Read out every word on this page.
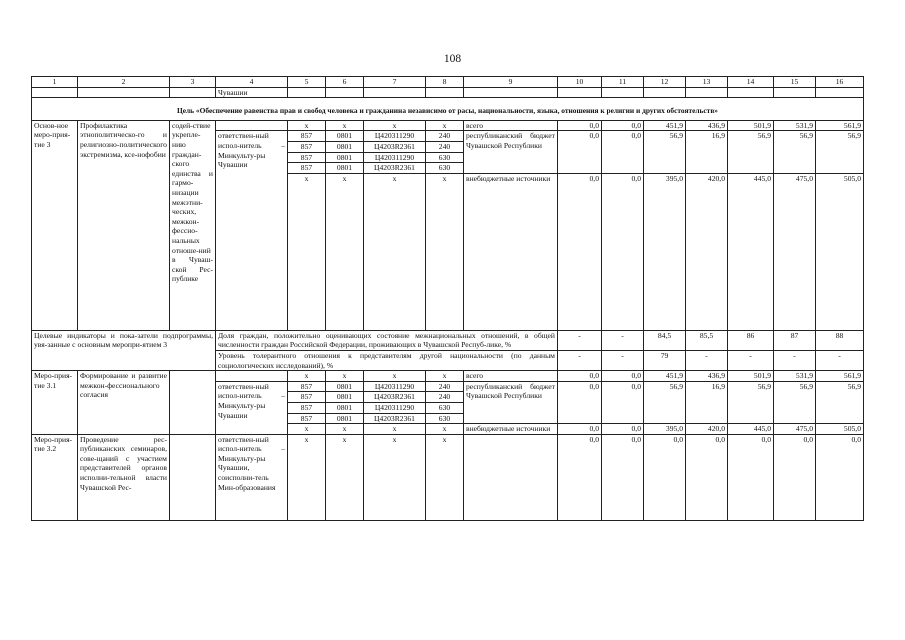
108
1	2	3	4	5	6	7	8	9	10	11	12	13	14	15	16
			Чувашии												
Цель «Обеспечение равенства прав и свобод человека и гражданина независимо от расы, национальности, языка, отношения к религии и других обстоятельств»															
Основ-ное меро-прия-тие 3	Профилактика этнополитическо-го и религиозно-политического экстремизма, ксе-нофобии	содей-ствие укрепле-нию граждан-ского единства и гармо-низации межэтни-ческих, межкон-фессио-нальных отноше-ний в Чуваш-ской Рес-публике		х	х	х	х	всего	0,0	0,0	451,9	436,9	501,9	531,9	561,9
			ответствен-ный испол-нитель – Минкульту-ры Чувашии	857	0801	Ц420311290	240	республиканский бюджет Чувашской Республики	0,0	0,0	56,9	16,9	56,9	56,9	56,9
				857	0801	Ц4203R2361	240								
				857	0801	Ц420311290	630								
				857	0801	Ц4203R2361	630								
				х	х	х	х	внебюджетные источники	0,0	0,0	395,0	420,0	445,0	475,0	505,0
Целевые индикаторы и пока-затели подпрограммы, увя-занные с основным меропри-ятием 3			Доля граждан, положительно оценивающих состояние межнациональных отношений, в общей численности граждан Российской Федерации, проживающих в Чувашской Респуб-лике, %						-	-	84,5	85,5	86	87	88
			Уровень толерантного отношения к представителям другой национальности (по данным социологических исследований), %						-	-	79	-	-	-	-
Меро-прия-тие 3.1	Формирование и развитие межкон-фессионального согласия			х	х	х	х	всего	0,0	0,0	451,9	436,9	501,9	531,9	561,9
			ответствен-ный испол-нитель – Минкульту-ры Чувашии	857	0801	Ц420311290	240	республиканский бюджет Чувашской Республики	0,0	0,0	56,9	16,9	56,9	56,9	56,9
				857	0801	Ц4203R2361	240								
				857	0801	Ц420311290	630								
				857	0801	Ц4203R2361	630								
				х	х	х	х	внебюджетные источники	0,0	0,0	395,0	420,0	445,0	475,0	505,0
Меро-прия-тие 3.2	Проведение рес-публиканских семинаров, сове-щаний с участием представителей органов исполни-тельной власти Чувашской Рес-		ответствен-ный испол-нитель – Минкульту-ры Чувашии, соисполни-тель Мин-образования	х	х	х	х		0,0	0,0	0,0	0,0	0,0	0,0	0,0
